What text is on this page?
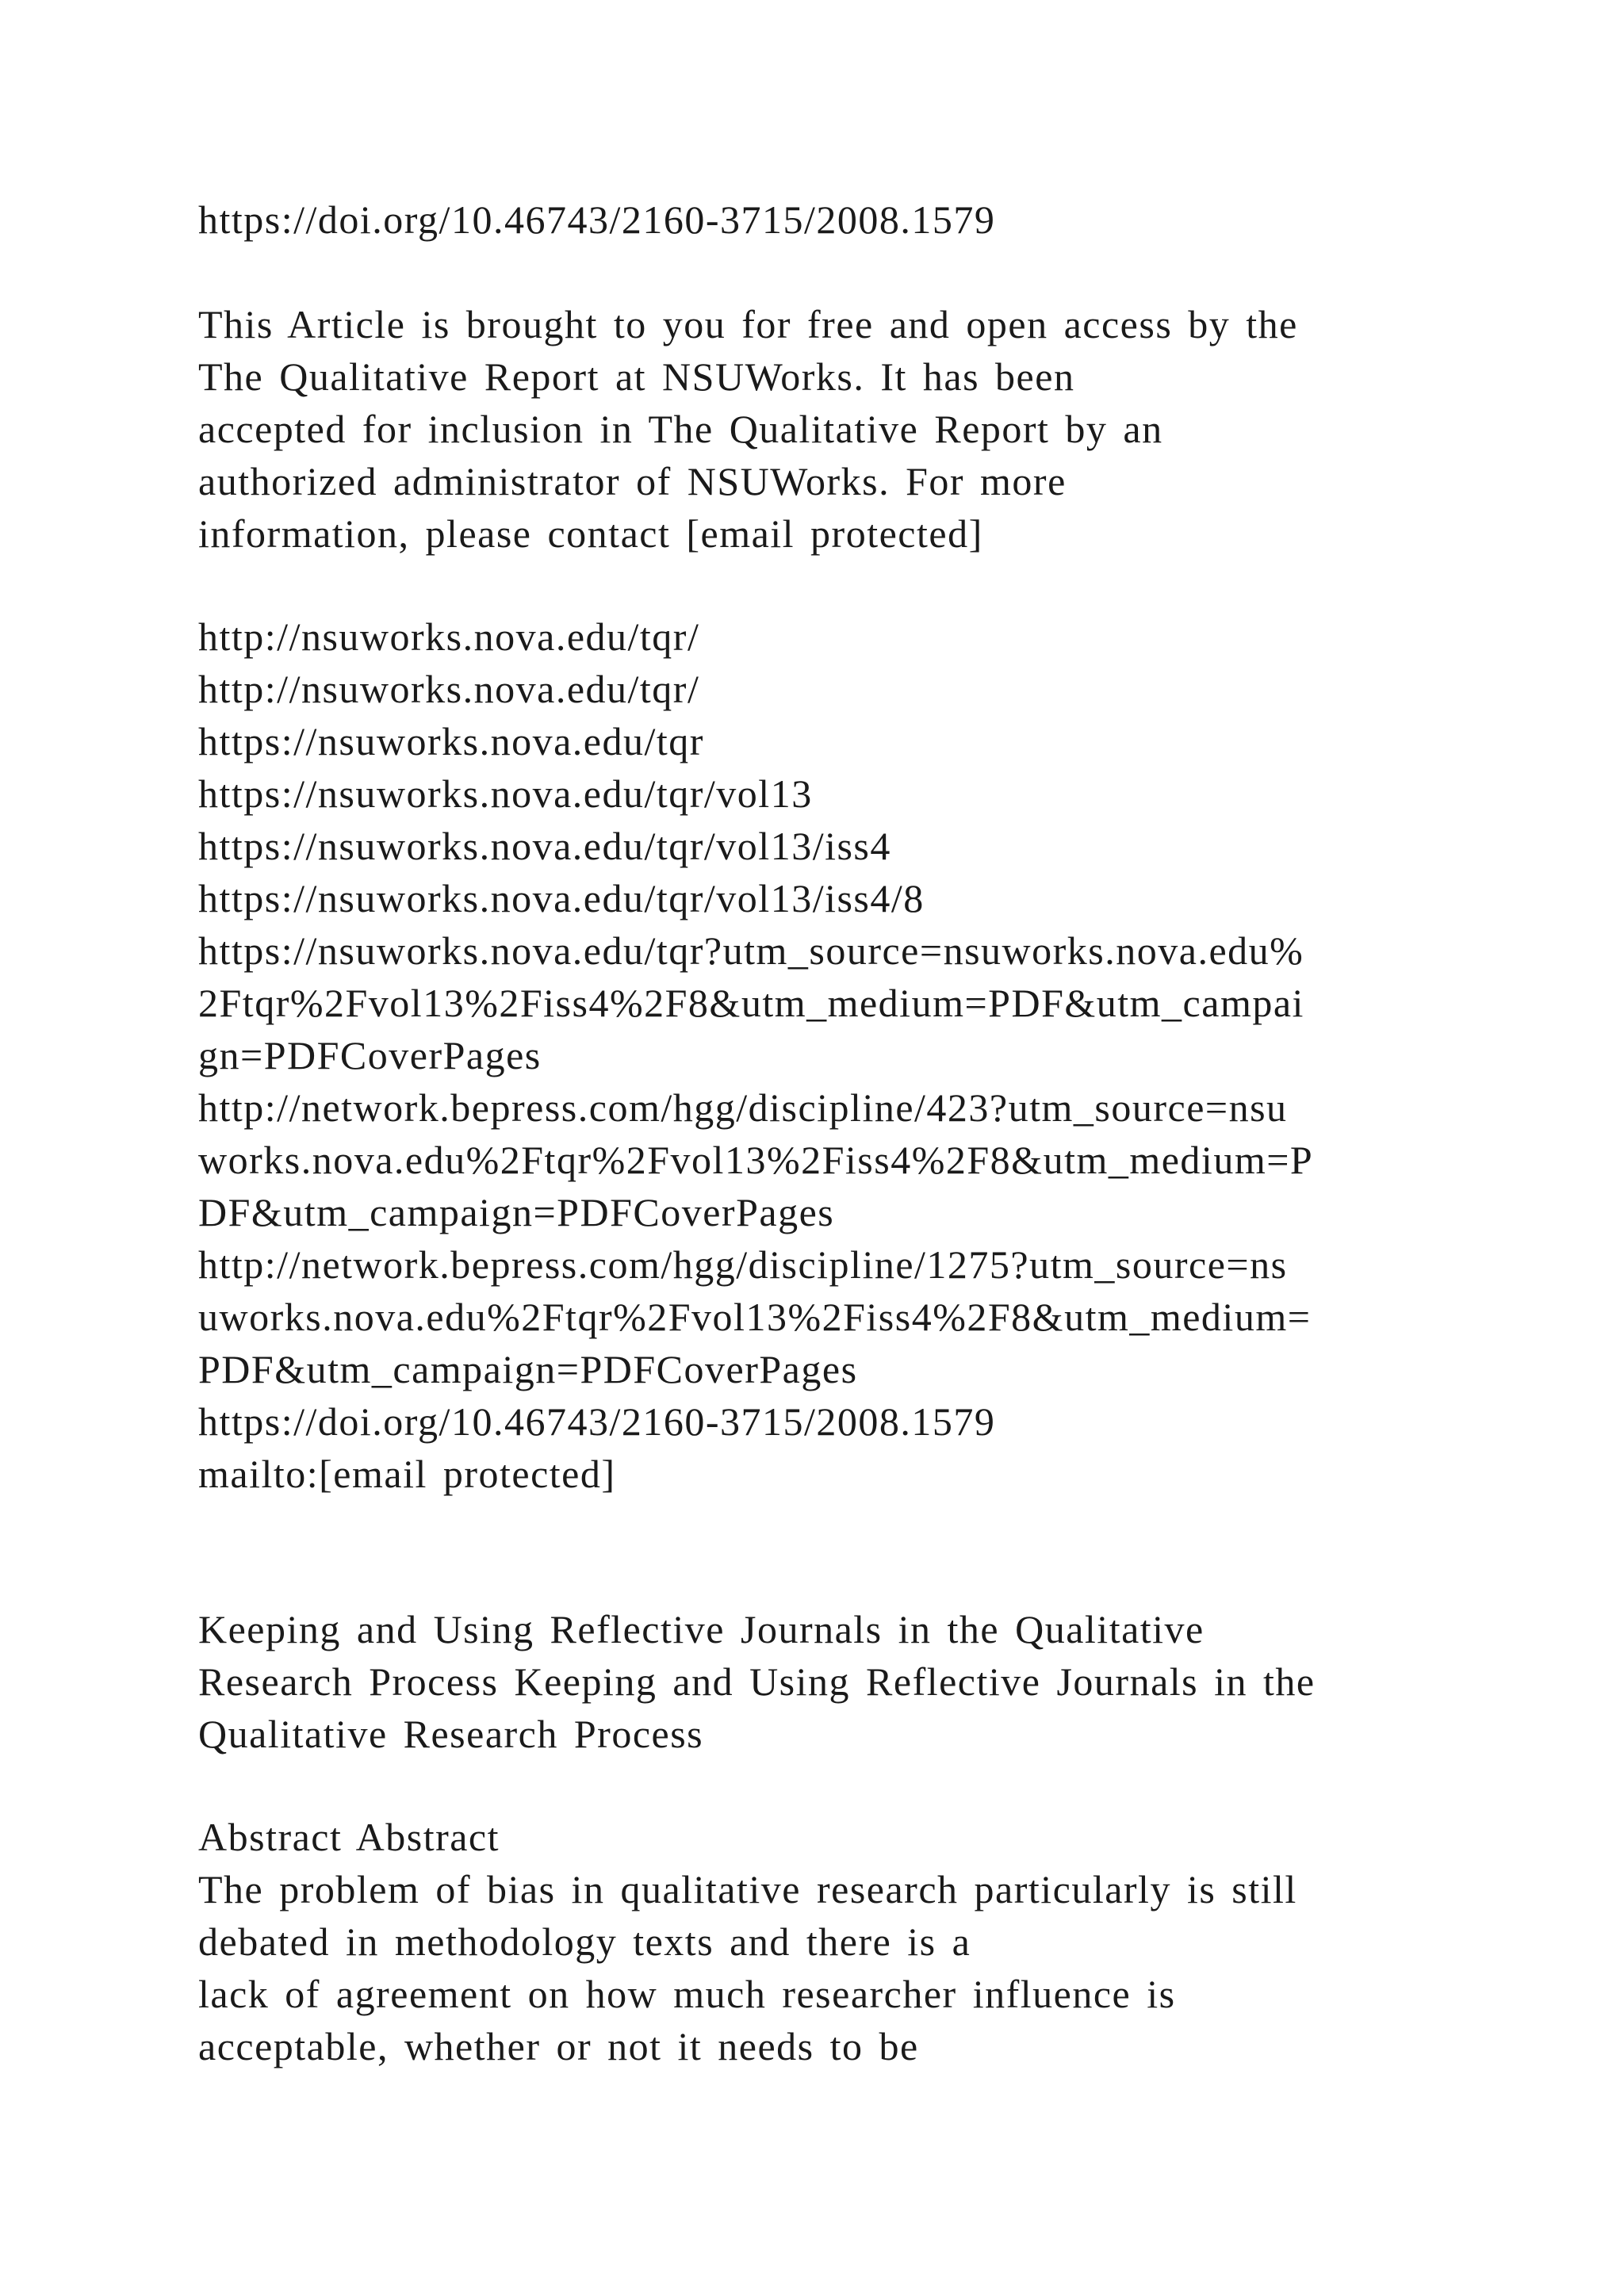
https://doi.org/10.46743/2160-3715/2008.1579
This Article is brought to you for free and open access by the
The Qualitative Report at NSUWorks. It has been
accepted for inclusion in The Qualitative Report by an
authorized administrator of NSUWorks. For more
information, please contact [email protected]
http://nsuworks.nova.edu/tqr/
http://nsuworks.nova.edu/tqr/
https://nsuworks.nova.edu/tqr
https://nsuworks.nova.edu/tqr/vol13
https://nsuworks.nova.edu/tqr/vol13/iss4
https://nsuworks.nova.edu/tqr/vol13/iss4/8
https://nsuworks.nova.edu/tqr?utm_source=nsuworks.nova.edu%
2Ftqr%2Fvol13%2Fiss4%2F8&utm_medium=PDF&utm_campai
gn=PDFCoverPages
http://network.bepress.com/hgg/discipline/423?utm_source=nsu
works.nova.edu%2Ftqr%2Fvol13%2Fiss4%2F8&utm_medium=P
DF&utm_campaign=PDFCoverPages
http://network.bepress.com/hgg/discipline/1275?utm_source=ns
uworks.nova.edu%2Ftqr%2Fvol13%2Fiss4%2F8&utm_medium=
PDF&utm_campaign=PDFCoverPages
https://doi.org/10.46743/2160-3715/2008.1579
mailto:[email protected]
Keeping and Using Reflective Journals in the Qualitative
Research Process Keeping and Using Reflective Journals in the
Qualitative Research Process
Abstract Abstract
The problem of bias in qualitative research particularly is still
debated in methodology texts and there is a
lack of agreement on how much researcher influence is
acceptable, whether or not it needs to be
